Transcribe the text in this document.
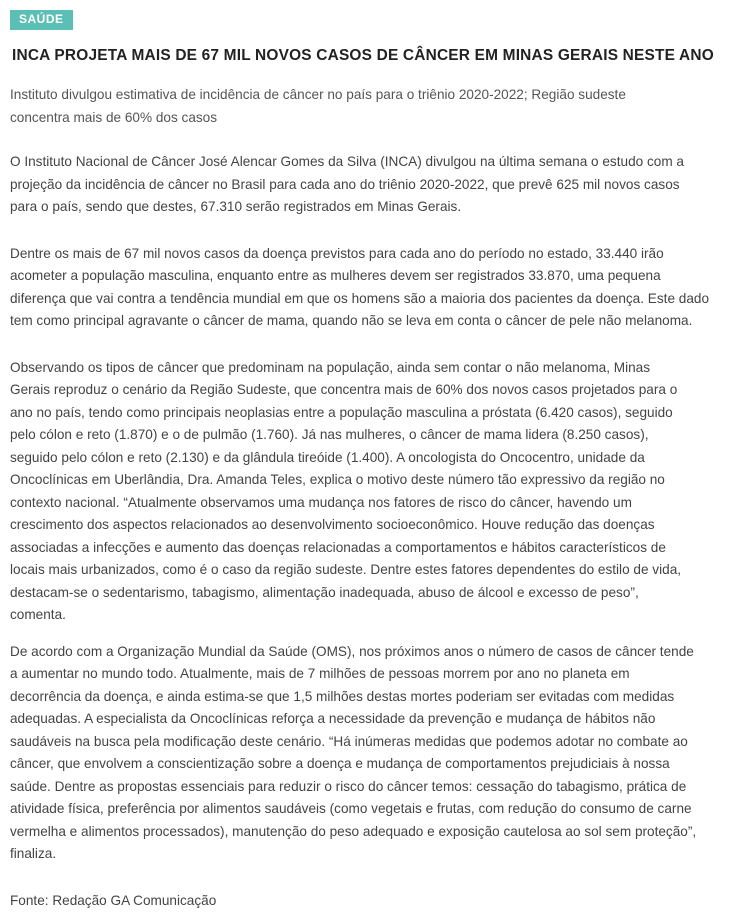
SAÚDE
INCA PROJETA MAIS DE 67 MIL NOVOS CASOS DE CÂNCER EM MINAS GERAIS NESTE ANO

Instituto divulgou estimativa de incidência de câncer no país para o triênio 2020-2022; Região sudeste concentra mais de 60% dos casos

O Instituto Nacional de Câncer José Alencar Gomes da Silva (INCA) divulgou na última semana o estudo com a projeção da incidência de câncer no Brasil para cada ano do triênio 2020-2022, que prevê 625 mil novos casos para o país, sendo que destes, 67.310 serão registrados em Minas Gerais.

Dentre os mais de 67 mil novos casos da doença previstos para cada ano do período no estado, 33.440 irão acometer a população masculina, enquanto entre as mulheres devem ser registrados 33.870, uma pequena diferença que vai contra a tendência mundial em que os homens são a maioria dos pacientes da doença. Este dado tem como principal agravante o câncer de mama, quando não se leva em conta o câncer de pele não melanoma.

Observando os tipos de câncer que predominam na população, ainda sem contar o não melanoma, Minas Gerais reproduz o cenário da Região Sudeste, que concentra mais de 60% dos novos casos projetados para o ano no país, tendo como principais neoplasias entre a população masculina a próstata (6.420 casos), seguido pelo cólon e reto (1.870) e o de pulmão (1.760). Já nas mulheres, o câncer de mama lidera (8.250 casos), seguido pelo cólon e reto (2.130) e da glândula tireóide (1.400). A oncologista do Oncocentro, unidade da Oncoclínicas em Uberlândia, Dra. Amanda Teles, explica o motivo deste número tão expressivo da região no contexto nacional. “Atualmente observamos uma mudança nos fatores de risco do câncer, havendo um crescimento dos aspectos relacionados ao desenvolvimento socioeconômico. Houve redução das doenças associadas a infecções e aumento das doenças relacionadas a comportamentos e hábitos característicos de locais mais urbanizados, como é o caso da região sudeste. Dentre estes fatores dependentes do estilo de vida, destacam-se o sedentarismo, tabagismo, alimentação inadequada, abuso de álcool e excesso de peso”, comenta.

De acordo com a Organização Mundial da Saúde (OMS), nos próximos anos o número de casos de câncer tende a aumentar no mundo todo. Atualmente, mais de 7 milhões de pessoas morrem por ano no planeta em decorrência da doença, e ainda estima-se que 1,5 milhões destas mortes poderiam ser evitadas com medidas adequadas. A especialista da Oncoclínicas reforça a necessidade da prevenção e mudança de hábitos não saudáveis na busca pela modificação deste cenário. “Há inúmeras medidas que podemos adotar no combate ao câncer, que envolvem a conscientização sobre a doença e mudança de comportamentos prejudiciais à nossa saúde. Dentre as propostas essenciais para reduzir o risco do câncer temos: cessação do tabagismo, prática de atividade física, preferência por alimentos saudáveis (como vegetais e frutas, com redução do consumo de carne vermelha e alimentos processados), manutenção do peso adequado e exposição cautelosa ao sol sem proteção”, finaliza.

Fonte: Redação GA Comunicação
